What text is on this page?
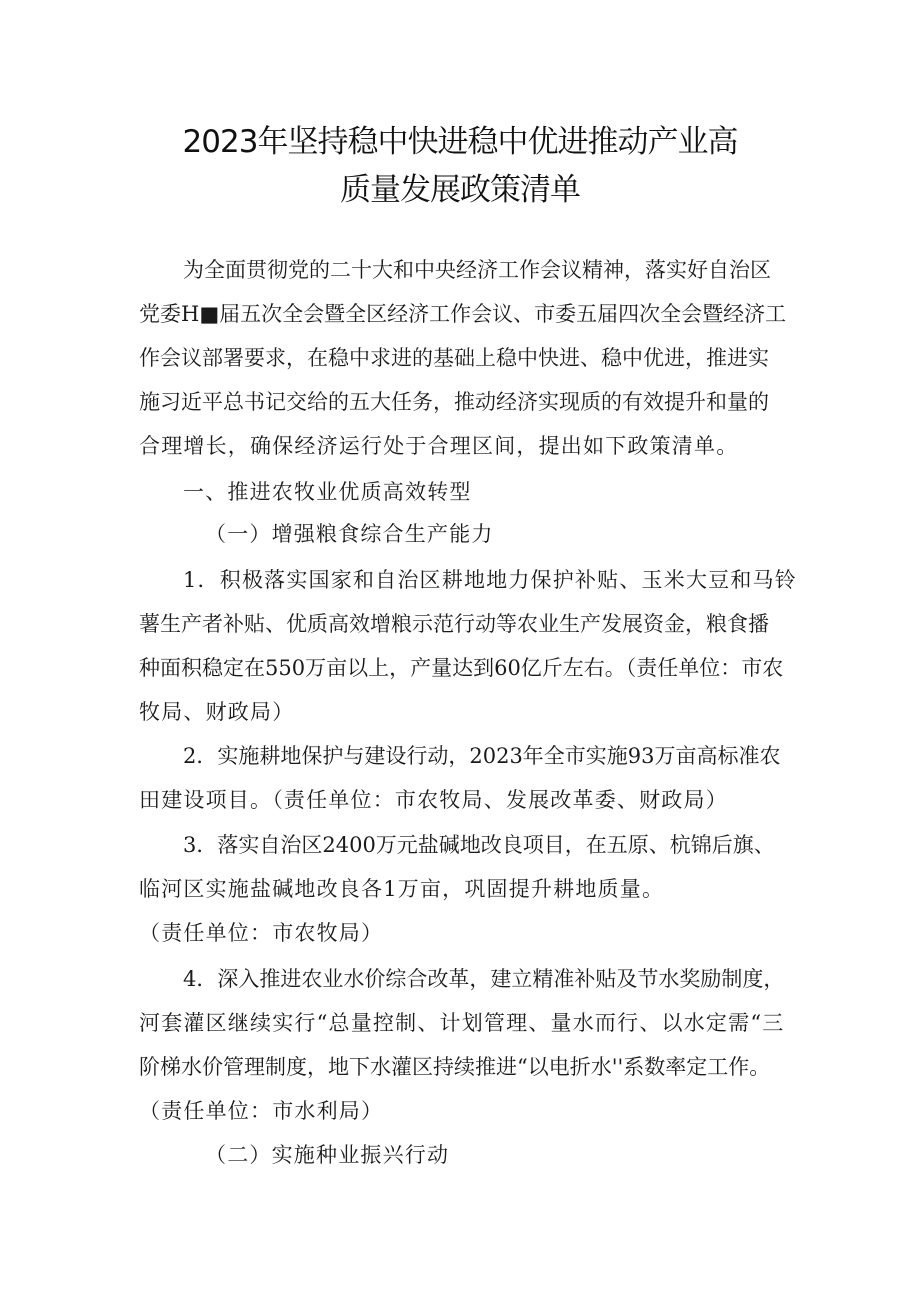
2023年坚持稳中快进稳中优进推动产业高
质量发展政策清单
为全面贯彻党的二十大和中央经济工作会议精神，落实好自治区
党委H■届五次全会暨全区经济工作会议、市委五届四次全会暨经济工
作会议部署要求，在稳中求进的基础上稳中快进、稳中优进，推进实
施习近平总书记交给的五大任务，推动经济实现质的有效提升和量的
合理增长，确保经济运行处于合理区间，提出如下政策清单。
一、推进农牧业优质高效转型
（一）增强粮食综合生产能力
1．积极落实国家和自治区耕地地力保护补贴、玉米大豆和马铃
薯生产者补贴、优质高效增粮示范行动等农业生产发展资金，粮食播
种面积稳定在550万亩以上，产量达到60亿斤左右。（责任单位：市农
牧局、财政局）
2．实施耕地保护与建设行动，2023年全市实施93万亩高标准农
田建设项目。（责任单位：市农牧局、发展改革委、财政局）
3．落实自治区2400万元盐碱地改良项目，在五原、杭锦后旗、
临河区实施盐碱地改良各1万亩，巩固提升耕地质量。
（责任单位：市农牧局）
4．深入推进农业水价综合改革，建立精准补贴及节水奖励制度，
河套灌区继续实行“总量控制、计划管理、量水而行、以水定需“三
阶梯水价管理制度，地下水灌区持续推进“以电折水''系数率定工作。
（责任单位：市水利局）
（二）实施种业振兴行动
